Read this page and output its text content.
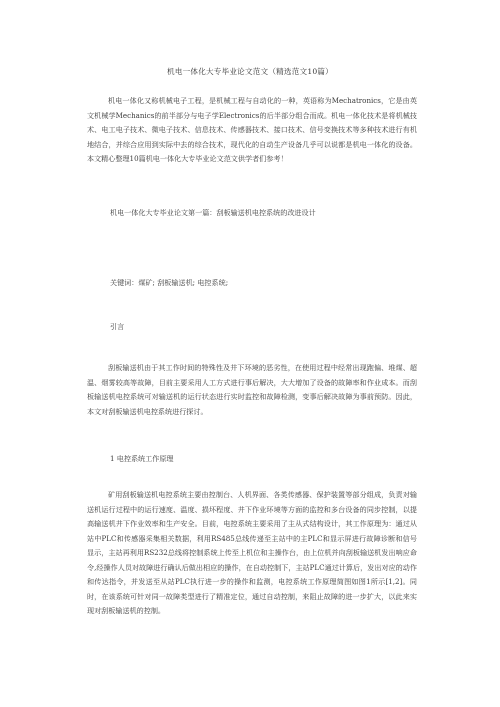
机电一体化大专毕业论文范文（精选范文10篇）

机电一体化又称机械电子工程，是机械工程与自动化的一种，英语称为Mechatronics，它是由英文机械学Mechanics的前半部分与电子学Electronics的后半部分组合而成。机电一体化技术是将机械技术、电工电子技术、微电子技术、信息技术、传感器技术、接口技术、信号变换技术等多种技术进行有机地结合，并综合应用到实际中去的综合技术，现代化的自动生产设备几乎可以说都是机电一体化的设备。本文精心整理10篇机电一体化大专毕业论文范文供学者们参考！

机电一体化大专毕业论文第一篇：刮板输送机电控系统的改进设计
关键词：煤矿; 刮板输送机; 电控系统;
引言

刮板输送机由于其工作时间的特殊性及井下环境的恶劣性，在使用过程中经常出现跑偏、堆煤、超温、烟雾较高等故障，目前主要采用人工方式进行事后解决，大大增加了设备的故障率和作业成本。而刮板输送机电控系统可对输送机的运行状态进行实时监控和故障检测，变事后解决故障为事前预防。因此，本文对刮板输送机电控系统进行探讨。

1 电控系统工作原理

矿用刮板输送机电控系统主要由控制台、人机界面、各类传感器、保护装置等部分组成，负责对输送机运行过程中的运行速度、温度、损坏程度、井下作业环境等方面的监控和多台设备的同步控制，以提高输送机井下作业效率和生产安全。目前，电控系统主要采用了主从式结构设计，其工作原理为：通过从站中PLC和传感器采集相关数据，利用RS485总线传递至主站中的主PLC和显示屏进行故障诊断和信号显示，主站再利用RS232总线将控制系统上传至上机位和主操作台，由上位机并向刮板输送机发出响应命令,经操作人员对故障进行确认后做出相应的操作，在自动控制下，主站PLC通过计算后，发出对应的动作和传达指令，并发送至从站PLC执行进一步的操作和监测，电控系统工作原理简图如图1所示[1,2]。同时，在该系统可针对同一故障类型进行了精准定位，通过自动控制，来阻止故障的进一步扩大，以此来实现对刮板输送机的控制。
